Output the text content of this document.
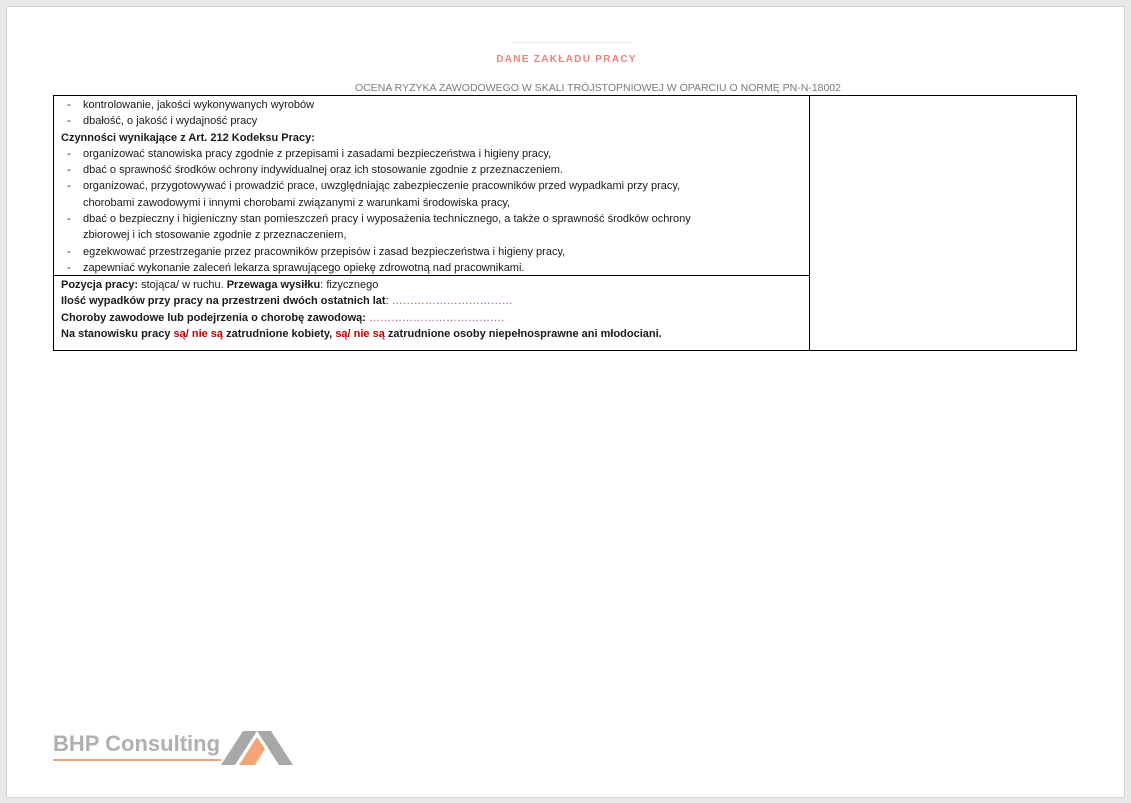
………………………………………
DANE ZAKŁADU PRACY
OCENA RYZYKA ZAWODOWEGO W SKALI TRÓJSTOPNIOWEJ W OPARCIU O NORMĘ PN-N-18002
- kontrolowanie, jakości wykonywanych wyrobów
- dbałość, o jakość i wydajność pracy
Czynności wynikające z Art. 212 Kodeksu Pracy:
- organizować stanowiska pracy zgodnie z przepisami i zasadami bezpieczeństwa i higieny pracy,
- dbać o sprawność środków ochrony indywidualnej oraz ich stosowanie zgodnie z przeznaczeniem.
- organizować, przygotowywać i prowadzić prace, uwzględniając zabezpieczenie pracowników przed wypadkami przy pracy,
chorobami zawodowymi i innymi chorobami związanymi z warunkami środowiska pracy,
- dbać o bezpieczny i higieniczny stan pomieszczeń pracy i wyposażenia technicznego, a także o sprawność środków ochrony
zbiorowej i ich stosowanie zgodnie z przeznaczeniem,
- egzekwować przestrzeganie przez pracowników przepisów i zasad bezpieczeństwa i higieny pracy,
- zapewniać wykonanie zaleceń lekarza sprawującego opiekę zdrowotną nad pracownikami.
Pozycja pracy: stojąca/ w ruchu. Przewaga wysiłku: fizycznego
Ilość wypadków przy pracy na przestrzeni dwóch ostatnich lat: ……………………………
Choroby zawodowe lub podejrzenia o chorobę zawodową: ……………………………….
Na stanowisku pracy są/ nie są zatrudnione kobiety, są/ nie są zatrudnione osoby niepełnosprawne ani młodociani.
BHP Consulting
